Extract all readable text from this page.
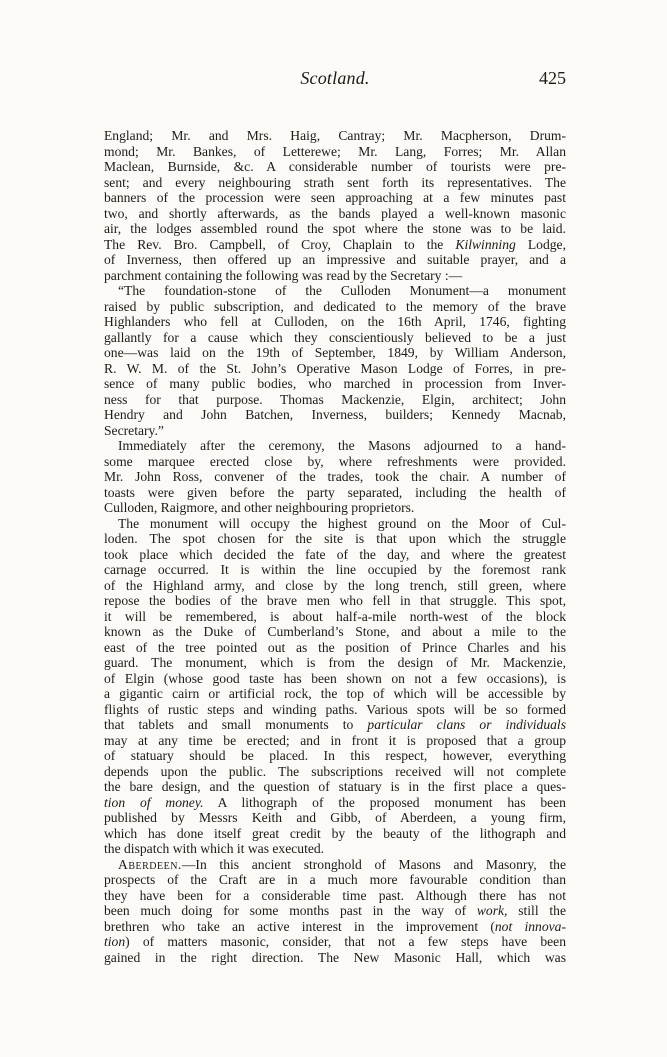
Scotland.	425
England; Mr. and Mrs. Haig, Cantray; Mr. Macpherson, Drum-
mond; Mr. Bankes, of Letterewe; Mr. Lang, Forres; Mr. Allan
Maclean, Burnside, &c. A considerable number of tourists were pre-
sent; and every neighbouring strath sent forth its representatives. The
banners of the procession were seen approaching at a few minutes past
two, and shortly afterwards, as the bands played a well-known masonic
air, the lodges assembled round the spot where the stone was to be laid.
The Rev. Bro. Campbell, of Croy, Chaplain to the Kilwinning Lodge,
of Inverness, then offered up an impressive and suitable prayer, and a
parchment containing the following was read by the Secretary :—
“The foundation-stone of the Culloden Monument—a monument
raised by public subscription, and dedicated to the memory of the brave
Highlanders who fell at Culloden, on the 16th April, 1746, fighting
gallantly for a cause which they conscientiously believed to be a just
one—was laid on the 19th of September, 1849, by William Anderson,
R. W. M. of the St. John’s Operative Mason Lodge of Forres, in pre-
sence of many public bodies, who marched in procession from Inver-
ness for that purpose. Thomas Mackenzie, Elgin, architect; John
Hendry and John Batchen, Inverness, builders; Kennedy Macnab,
Secretary.”
Immediately after the ceremony, the Masons adjourned to a hand-
some marquee erected close by, where refreshments were provided.
Mr. John Ross, convener of the trades, took the chair. A number of
toasts were given before the party separated, including the health of
Culloden, Raigmore, and other neighbouring proprietors.
The monument will occupy the highest ground on the Moor of Cul-
loden. The spot chosen for the site is that upon which the struggle
took place which decided the fate of the day, and where the greatest
carnage occurred. It is within the line occupied by the foremost rank
of the Highland army, and close by the long trench, still green, where
repose the bodies of the brave men who fell in that struggle. This spot,
it will be remembered, is about half-a-mile north-west of the block
known as the Duke of Cumberland’s Stone, and about a mile to the
east of the tree pointed out as the position of Prince Charles and his
guard. The monument, which is from the design of Mr. Mackenzie,
of Elgin (whose good taste has been shown on not a few occasions), is
a gigantic cairn or artificial rock, the top of which will be accessible by
flights of rustic steps and winding paths. Various spots will be so formed
that tablets and small monuments to particular clans or individuals
may at any time be erected; and in front it is proposed that a group
of statuary should be placed. In this respect, however, everything
depends upon the public. The subscriptions received will not complete
the bare design, and the question of statuary is in the first place a ques-
tion of money. A lithograph of the proposed monument has been
published by Messrs Keith and Gibb, of Aberdeen, a young firm,
which has done itself great credit by the beauty of the lithograph and
the dispatch with which it was executed.
Aberdeen.—In this ancient stronghold of Masons and Masonry, the
prospects of the Craft are in a much more favourable condition than
they have been for a considerable time past. Although there has not
been much doing for some months past in the way of work, still the
brethren who take an active interest in the improvement (not innova-
tion) of matters masonic, consider, that not a few steps have been
gained in the right direction. The New Masonic Hall, which was
